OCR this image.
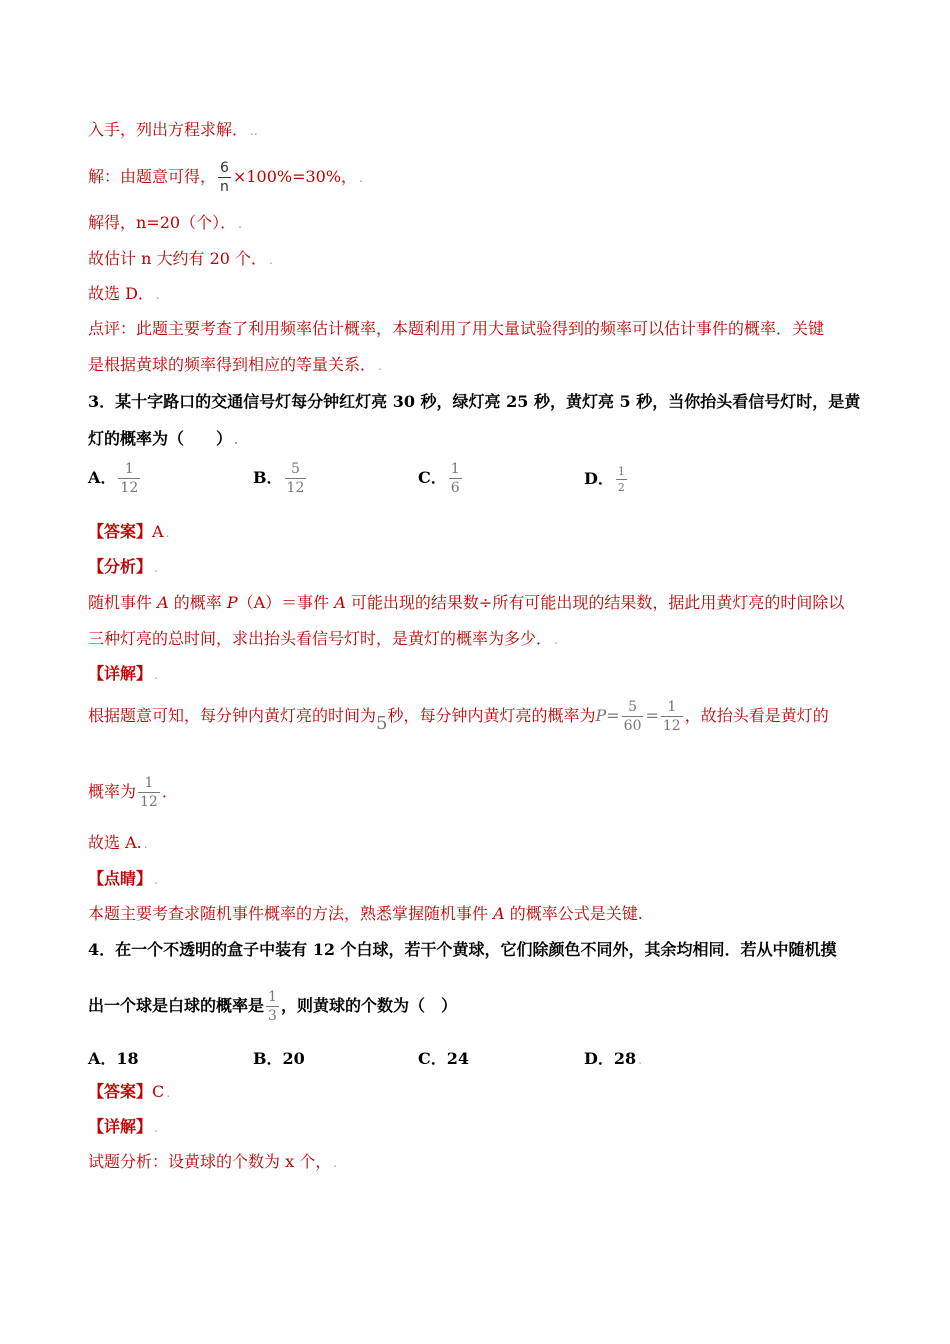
入手，列出方程求解． ..
解：由题意可得， $\frac{6}{n} \times 100\%=30\%$， .
解得，n=20（个）． .
故估计 n 大约有 20 个． .
故选 D． .
点评：此题主要考查了利用频率估计概率，本题利用了用大量试验得到的频率可以估计事件的概率．关键
是根据黄球的频率得到相应的等量关系． .
3．某十字路口的交通信号灯每分钟红灯亮 30 秒，绿灯亮 25 秒，黄灯亮 5 秒，当你抬头看信号灯时，是黄
灯的概率为（　　） .
A． $\frac{1}{12}$	B． $\frac{5}{12}$	C． $\frac{1}{6}$	D． $\frac{1}{2}$
【答案】A .
【分析】 .
随机事件 A 的概率 P（A）＝事件 A 可能出现的结果数÷所有可能出现的结果数，据此用黄灯亮的时间除以
三种灯亮的总时间，求出抬头看信号灯时，是黄灯的概率为多少． .
【详解】 .
根据题意可知，每分钟内黄灯亮的时间为5秒，每分钟内黄灯亮的概率为$P= \frac{5}{60} = \frac{1}{12}$ ，故抬头看是黄灯的
概率为 $\frac{1}{12}$ ．
故选 A. .
【点睛】 .
本题主要考查求随机事件概率的方法，熟悉掌握随机事件 A 的概率公式是关键.
4．在一个不透明的盒子中装有 12 个白球，若干个黄球，它们除颜色不同外，其余均相同．若从中随机摸
出一个球是白球的概率是 $\frac{1}{3}$ ，则黄球的个数为（　）
A．18	B．20	C．24	D．28 .
【答案】C .
【详解】 .
试题分析：设黄球的个数为 x 个， .
